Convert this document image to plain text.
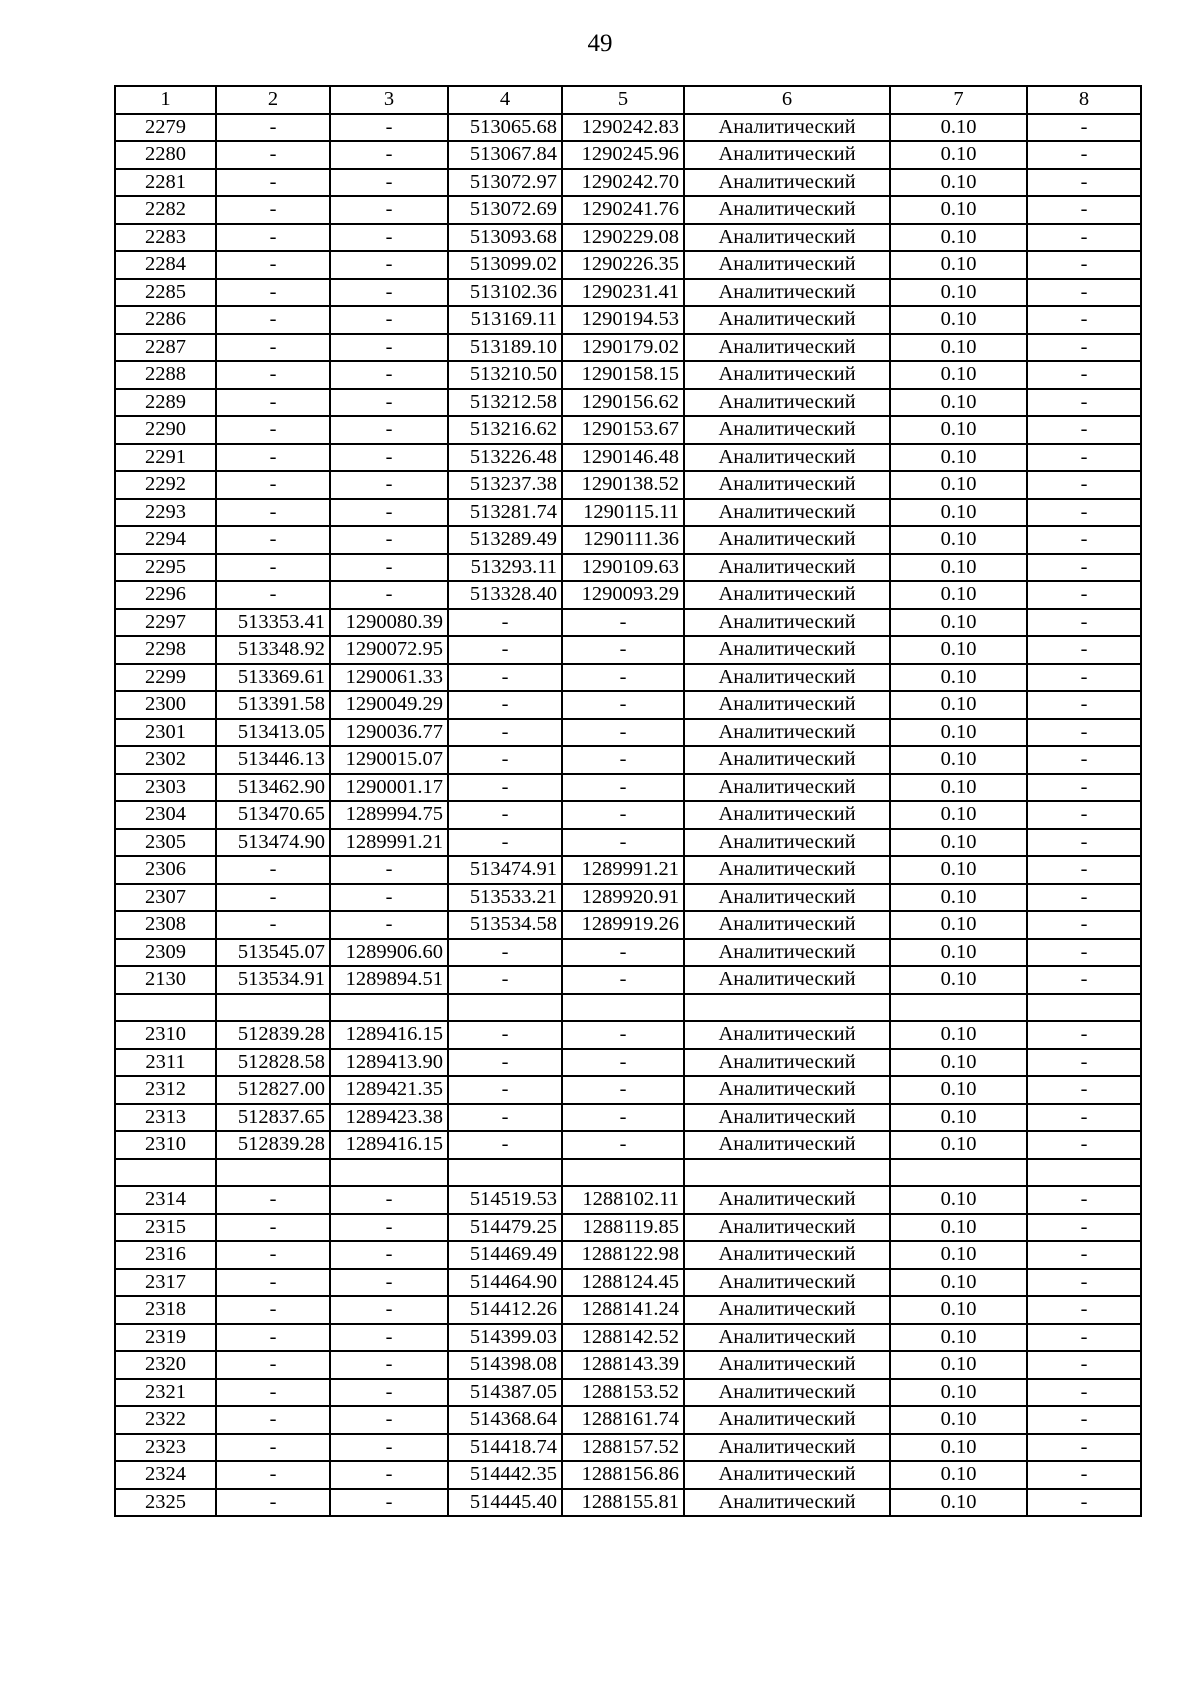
49
1	2	3	4	5	6	7	8
2279	-	-	513065.68	1290242.83	Аналитический	0.10	-
2280	-	-	513067.84	1290245.96	Аналитический	0.10	-
2281	-	-	513072.97	1290242.70	Аналитический	0.10	-
2282	-	-	513072.69	1290241.76	Аналитический	0.10	-
2283	-	-	513093.68	1290229.08	Аналитический	0.10	-
2284	-	-	513099.02	1290226.35	Аналитический	0.10	-
2285	-	-	513102.36	1290231.41	Аналитический	0.10	-
2286	-	-	513169.11	1290194.53	Аналитический	0.10	-
2287	-	-	513189.10	1290179.02	Аналитический	0.10	-
2288	-	-	513210.50	1290158.15	Аналитический	0.10	-
2289	-	-	513212.58	1290156.62	Аналитический	0.10	-
2290	-	-	513216.62	1290153.67	Аналитический	0.10	-
2291	-	-	513226.48	1290146.48	Аналитический	0.10	-
2292	-	-	513237.38	1290138.52	Аналитический	0.10	-
2293	-	-	513281.74	1290115.11	Аналитический	0.10	-
2294	-	-	513289.49	1290111.36	Аналитический	0.10	-
2295	-	-	513293.11	1290109.63	Аналитический	0.10	-
2296	-	-	513328.40	1290093.29	Аналитический	0.10	-
2297	513353.41	1290080.39	-	-	Аналитический	0.10	-
2298	513348.92	1290072.95	-	-	Аналитический	0.10	-
2299	513369.61	1290061.33	-	-	Аналитический	0.10	-
2300	513391.58	1290049.29	-	-	Аналитический	0.10	-
2301	513413.05	1290036.77	-	-	Аналитический	0.10	-
2302	513446.13	1290015.07	-	-	Аналитический	0.10	-
2303	513462.90	1290001.17	-	-	Аналитический	0.10	-
2304	513470.65	1289994.75	-	-	Аналитический	0.10	-
2305	513474.90	1289991.21	-	-	Аналитический	0.10	-
2306	-	-	513474.91	1289991.21	Аналитический	0.10	-
2307	-	-	513533.21	1289920.91	Аналитический	0.10	-
2308	-	-	513534.58	1289919.26	Аналитический	0.10	-
2309	513545.07	1289906.60	-	-	Аналитический	0.10	-
2130	513534.91	1289894.51	-	-	Аналитический	0.10	-

2310	512839.28	1289416.15	-	-	Аналитический	0.10	-
2311	512828.58	1289413.90	-	-	Аналитический	0.10	-
2312	512827.00	1289421.35	-	-	Аналитический	0.10	-
2313	512837.65	1289423.38	-	-	Аналитический	0.10	-
2310	512839.28	1289416.15	-	-	Аналитический	0.10	-

2314	-	-	514519.53	1288102.11	Аналитический	0.10	-
2315	-	-	514479.25	1288119.85	Аналитический	0.10	-
2316	-	-	514469.49	1288122.98	Аналитический	0.10	-
2317	-	-	514464.90	1288124.45	Аналитический	0.10	-
2318	-	-	514412.26	1288141.24	Аналитический	0.10	-
2319	-	-	514399.03	1288142.52	Аналитический	0.10	-
2320	-	-	514398.08	1288143.39	Аналитический	0.10	-
2321	-	-	514387.05	1288153.52	Аналитический	0.10	-
2322	-	-	514368.64	1288161.74	Аналитический	0.10	-
2323	-	-	514418.74	1288157.52	Аналитический	0.10	-
2324	-	-	514442.35	1288156.86	Аналитический	0.10	-
2325	-	-	514445.40	1288155.81	Аналитический	0.10	-
